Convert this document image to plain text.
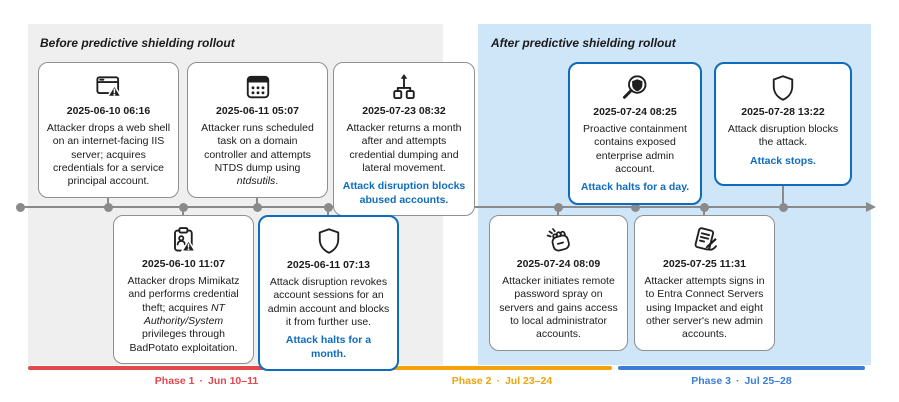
Before predictive shielding rollout	After predictive shielding rollout
2025-06-10 06:16
Attacker drops a web shell on an internet-facing IIS server; acquires credentials for a service principal account.
2025-06-11 05:07
Attacker runs scheduled task on a domain controller and attempts NTDS dump using ntdsutils.
2025-07-23 08:32
Attacker returns a month after and attempts credential dumping and lateral movement.
Attack disruption blocks abused accounts.
2025-07-24 08:25
Proactive containment contains exposed enterprise admin account.
Attack halts for a day.
2025-07-28 13:22
Attack disruption blocks the attack.
Attack stops.
2025-06-10 11:07
Attacker drops Mimikatz and performs credential theft; acquires NT Authority/System privileges through BadPotato exploitation.
2025-06-11 07:13
Attack disruption revokes account sessions for an admin account and blocks it from further use.
Attack halts for a month.
2025-07-24 08:09
Attacker initiates remote password spray on servers and gains access to local administrator accounts.
2025-07-25 11:31
Attacker attempts signs in to Entra Connect Servers using Impacket and eight other server's new admin accounts.
Phase 1 · Jun 10–11	Phase 2 · Jul 23–24	Phase 3 · Jul 25–28
